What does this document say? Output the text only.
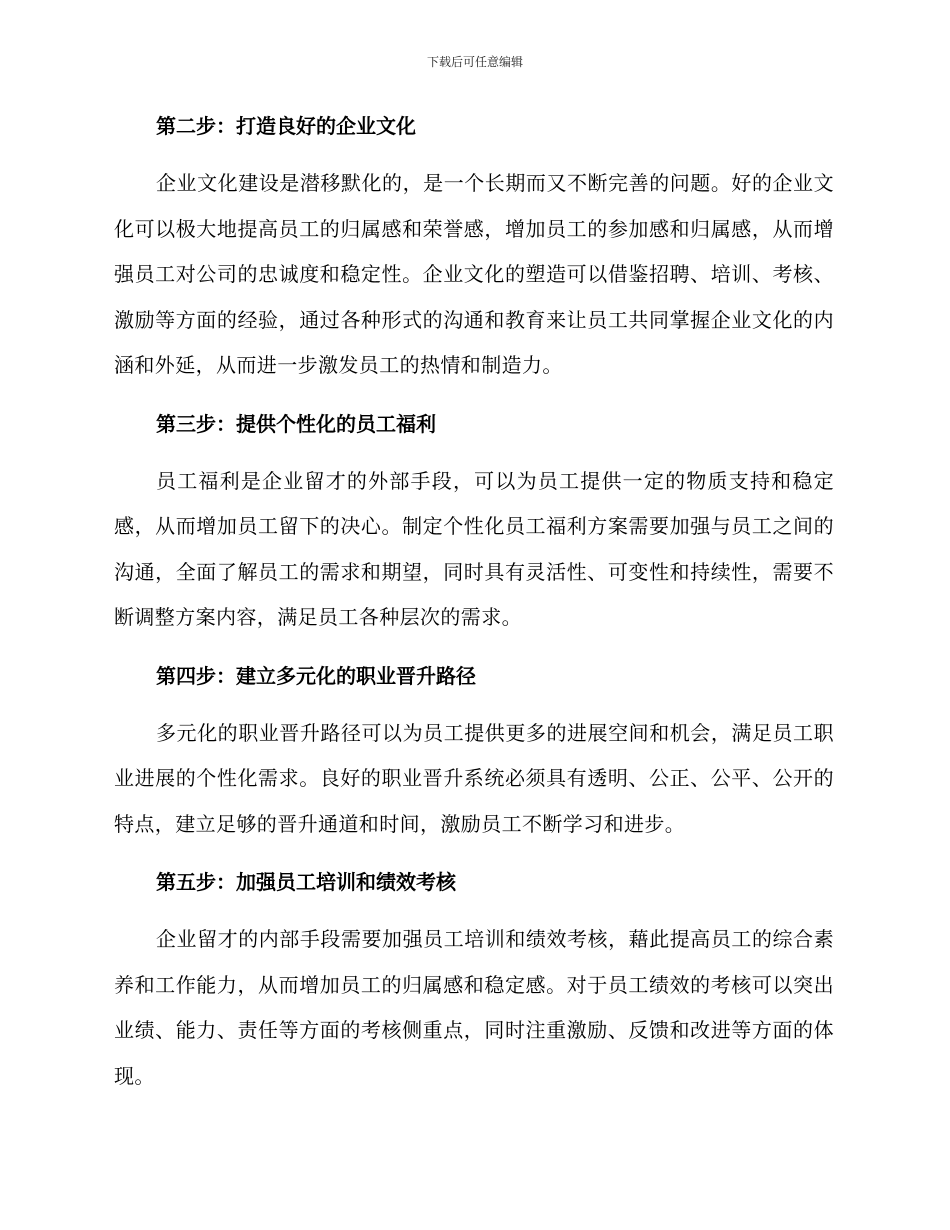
下载后可任意编辑
第二步：打造良好的企业文化

企业文化建设是潜移默化的，是一个长期而又不断完善的问题。好的企业文化可以极大地提高员工的归属感和荣誉感，增加员工的参加感和归属感，从而增强员工对公司的忠诚度和稳定性。企业文化的塑造可以借鉴招聘、培训、考核、激励等方面的经验，通过各种形式的沟通和教育来让员工共同掌握企业文化的内涵和外延，从而进一步激发员工的热情和制造力。

第三步：提供个性化的员工福利

员工福利是企业留才的外部手段，可以为员工提供一定的物质支持和稳定感，从而增加员工留下的决心。制定个性化员工福利方案需要加强与员工之间的沟通，全面了解员工的需求和期望，同时具有灵活性、可变性和持续性，需要不断调整方案内容，满足员工各种层次的需求。

第四步：建立多元化的职业晋升路径

多元化的职业晋升路径可以为员工提供更多的进展空间和机会，满足员工职业进展的个性化需求。良好的职业晋升系统必须具有透明、公正、公平、公开的特点，建立足够的晋升通道和时间，激励员工不断学习和进步。

第五步：加强员工培训和绩效考核

企业留才的内部手段需要加强员工培训和绩效考核，藉此提高员工的综合素养和工作能力，从而增加员工的归属感和稳定感。对于员工绩效的考核可以突出业绩、能力、责任等方面的考核侧重点，同时注重激励、反馈和改进等方面的体现。
